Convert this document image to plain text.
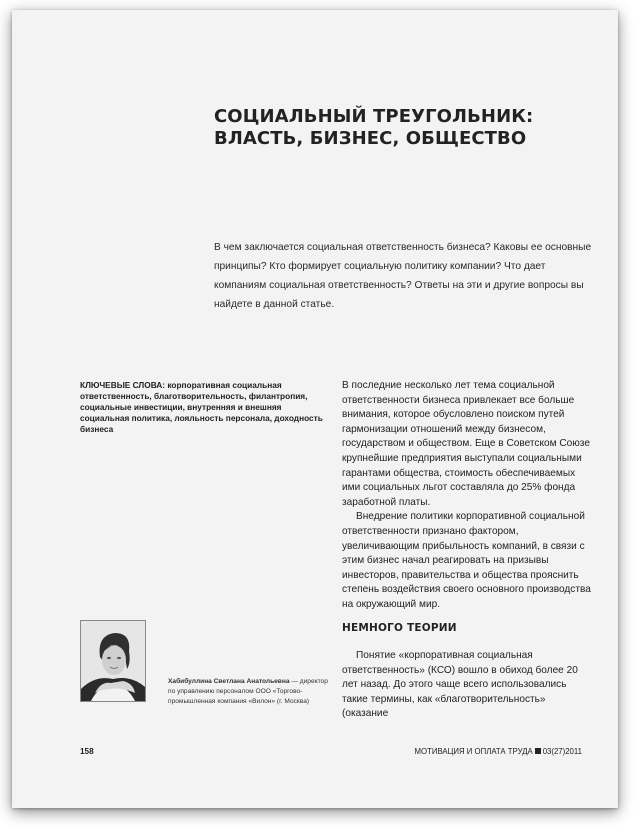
СОЦИАЛЬНЫЙ ТРЕУГОЛЬНИК:
ВЛАСТЬ, БИЗНЕС, ОБЩЕСТВО
В чем заключается социальная ответственность бизнеса? Каковы ее основные принципы? Кто формирует социальную политику компании? Что дает компаниям социальная ответственность? Ответы на эти и другие вопросы вы найдете в данной статье.
КЛЮЧЕВЫЕ СЛОВА: корпоративная социальная ответственность, благотворительность, филантропия, социальные инвестиции, внутренняя и внешняя социальная политика, лояльность персонала, доходность бизнеса

В последние несколько лет тема социальной ответственности бизнеса привлекает все больше внимания, которое обусловлено поиском путей гармонизации отношений между бизнесом, государством и обществом. Еще в Советском Союзе крупнейшие предприятия выступали социальными гарантами общества, стоимость обеспечиваемых ими социальных льгот составляла до 25% фонда заработной платы.

Внедрение политики корпоративной социальной ответственности признано фактором, увеличивающим прибыльность компаний, в связи с этим бизнес начал реагировать на призывы инвесторов, правительства и общества прояснить степень воздействия своего основного производства на окружающий мир.

НЕМНОГО ТЕОРИИ

Понятие «корпоративная социальная ответственность» (КСО) вошло в обиход более 20 лет назад. До этого чаще всего использовались такие термины, как «благотворительность» (оказание

Хабибуллина Светлана Анатольевна — директор по управлению персоналом ООО «Торгово-промышленная компания «Вилон» (г. Москва)
158	МОТИВАЦИЯ И ОПЛАТА ТРУДА 03(27)2011
